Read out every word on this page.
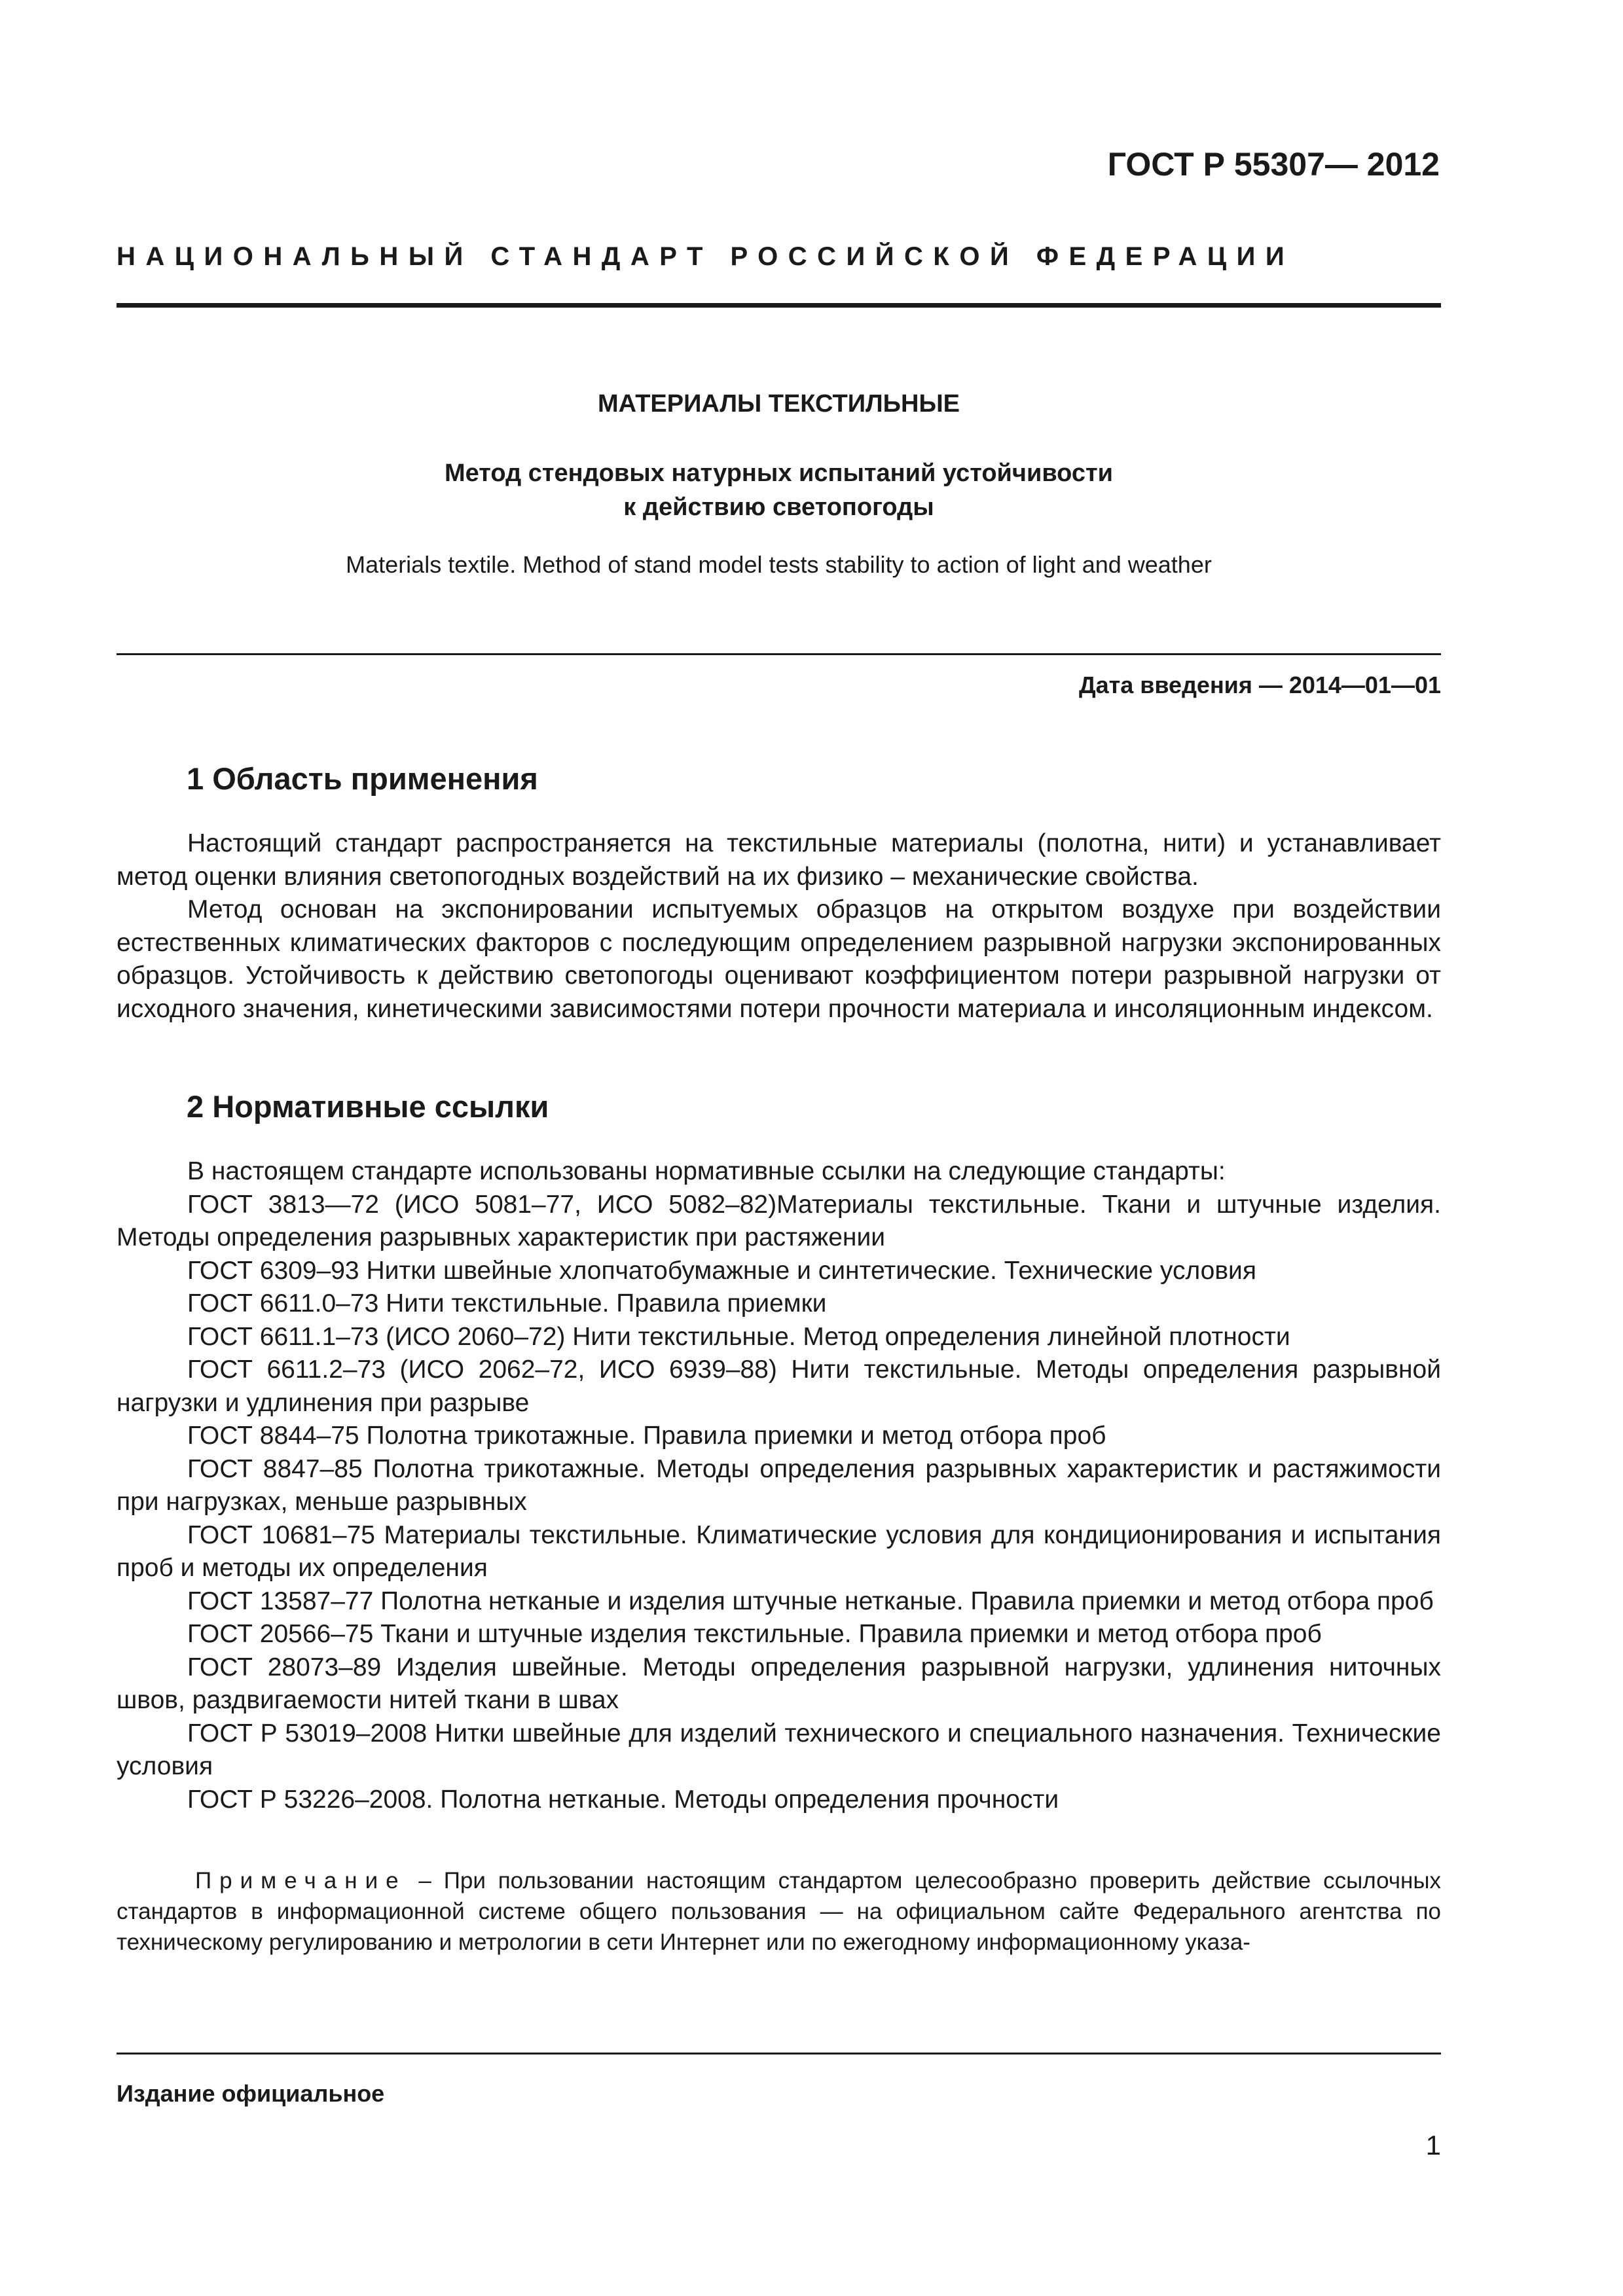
ГОСТ Р 55307— 2012
НАЦИОНАЛЬНЫЙ СТАНДАРТ РОССИЙСКОЙ ФЕДЕРАЦИИ
МАТЕРИАЛЫ ТЕКСТИЛЬНЫЕ
Метод стендовых натурных испытаний устойчивости
к действию светопогоды
Materials textile. Method of stand model tests stability to action of light and weather
Дата введения — 2014—01—01
1 Область применения

Настоящий стандарт распространяется на текстильные материалы (полотна, нити) и устанавливает метод оценки влияния светопогодных воздействий на их физико – механические свойства.

Метод основан на экспонировании испытуемых образцов на открытом воздухе при воздействии естественных климатических факторов с последующим определением разрывной нагрузки экспонированных образцов. Устойчивость к действию светопогоды оценивают коэффициентом потери разрывной нагрузки от исходного значения, кинетическими зависимостями потери прочности материала и инсоляционным индексом.

2 Нормативные ссылки

В настоящем стандарте использованы нормативные ссылки на следующие стандарты:

ГОСТ 3813—72 (ИСО 5081–77, ИСО 5082–82)Материалы текстильные. Ткани и штучные изделия. Методы определения разрывных характеристик при растяжении

ГОСТ 6309–93 Нитки швейные хлопчатобумажные и синтетические. Технические условия

ГОСТ 6611.0–73 Нити текстильные. Правила приемки

ГОСТ 6611.1–73 (ИСО 2060–72) Нити текстильные. Метод определения линейной плотности

ГОСТ 6611.2–73 (ИСО 2062–72, ИСО 6939–88) Нити текстильные. Методы определения разрывной нагрузки и удлинения при разрыве

ГОСТ 8844–75 Полотна трикотажные. Правила приемки и метод отбора проб

ГОСТ 8847–85 Полотна трикотажные. Методы определения разрывных характеристик и растяжимости при нагрузках, меньше разрывных

ГОСТ 10681–75 Материалы текстильные. Климатические условия для кондиционирования и испытания проб и методы их определения

ГОСТ 13587–77 Полотна нетканые и изделия штучные нетканые. Правила приемки и метод отбора проб

ГОСТ 20566–75 Ткани и штучные изделия текстильные. Правила приемки и метод отбора проб

ГОСТ 28073–89 Изделия швейные. Методы определения разрывной нагрузки, удлинения ниточных швов, раздвигаемости нитей ткани в швах

ГОСТ Р 53019–2008 Нитки швейные для изделий технического и специального назначения. Технические условия

ГОСТ Р 53226–2008. Полотна нетканые. Методы определения прочности

Примечание – При пользовании настоящим стандартом целесообразно проверить действие ссылочных стандартов в информационной системе общего пользования — на официальном сайте Федерального агентства по техническому регулированию и метрологии в сети Интернет или по ежегодному информационному указа-
Издание официальное
1
